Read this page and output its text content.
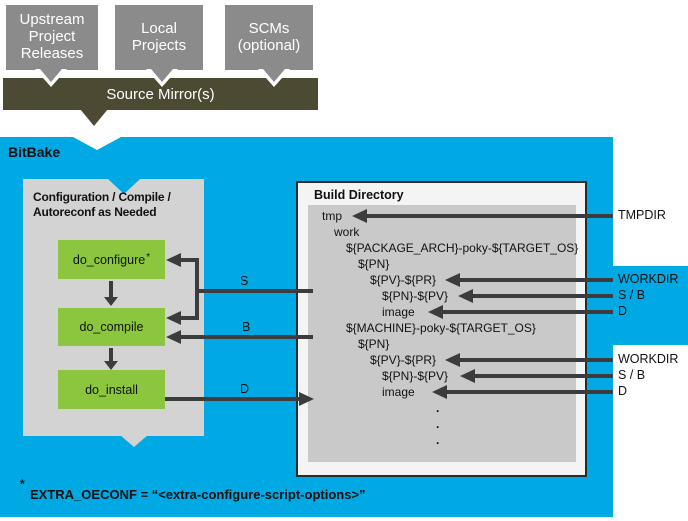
Upstream
Project
Releases
Local
Projects
SCMs
(optional)
Source Mirror(s)
BitBake
Configuration / Compile /
Autoreconf as Needed
do_configure *
do_compile
do_install
Build Directory
tmp
work
${PACKAGE_ARCH}-poky-${TARGET_OS}
${PN}
${PV}-${PR}
${PN}-${PV}
image
${MACHINE}-poky-${TARGET_OS}
${PN}
${PV}-${PR}
${PN}-${PV}
image
.
.
.
S
B
D
TMPDIR
WORKDIR
S / B
D
WORKDIR
S / B
D
*
EXTRA_OECONF = “<extra-configure-script-options>”
